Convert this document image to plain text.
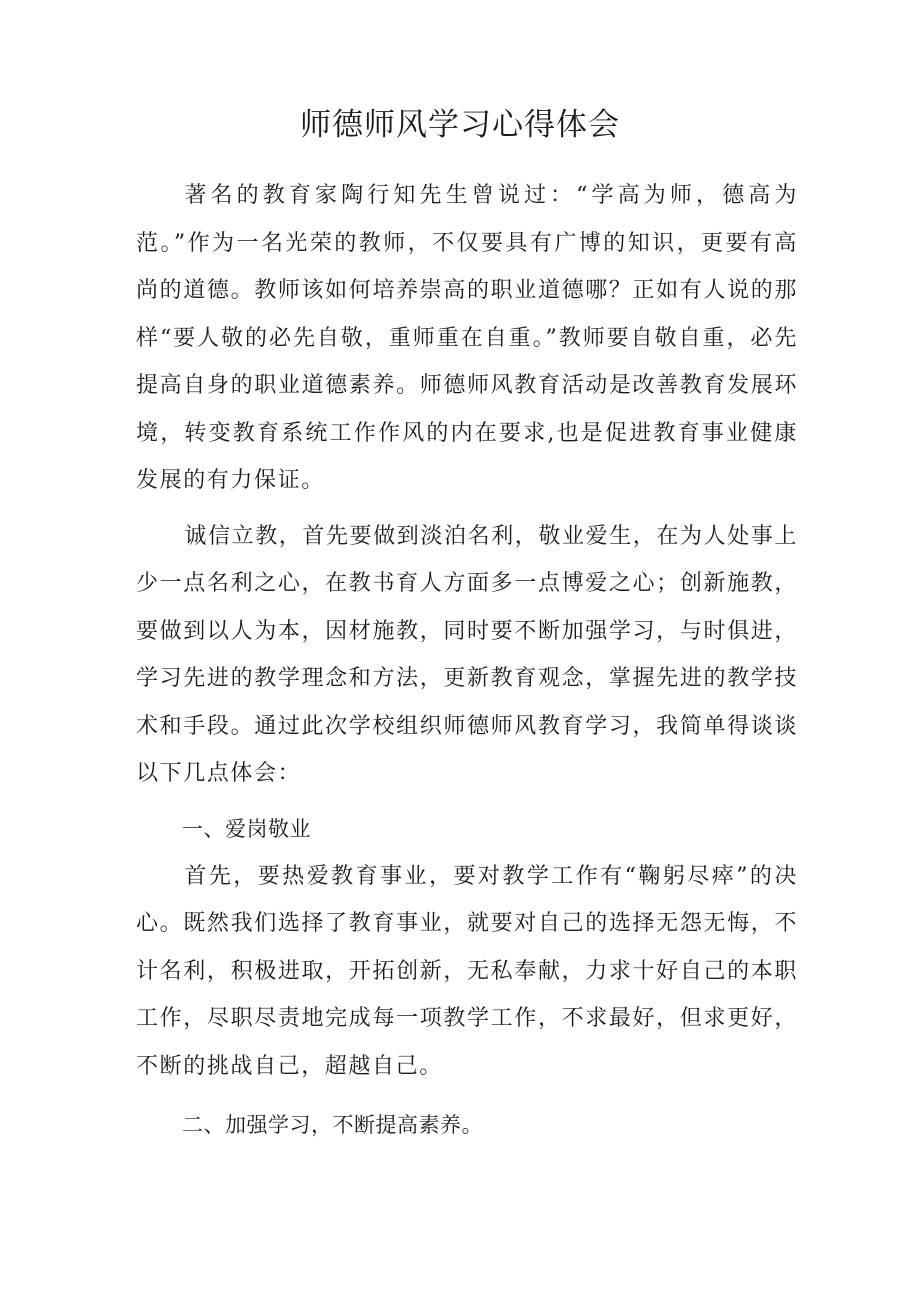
师德师风学习心得体会

著名的教育家陶行知先生曾说过：“学高为师，德高为范。”作为一名光荣的教师，不仅要具有广博的知识，更要有高尚的道德。教师该如何培养崇高的职业道德哪？正如有人说的那样“要人敬的必先自敬，重师重在自重。”教师要自敬自重，必先提高自身的职业道德素养。师德师风教育活动是改善教育发展环境，转变教育系统工作作风的内在要求,也是促进教育事业健康发展的有力保证。

诚信立教，首先要做到淡泊名利，敬业爱生，在为人处事上少一点名利之心，在教书育人方面多一点博爱之心；创新施教，要做到以人为本，因材施教，同时要不断加强学习，与时俱进，学习先进的教学理念和方法，更新教育观念，掌握先进的教学技术和手段。通过此次学校组织师德师风教育学习，我简单得谈谈以下几点体会：

一、爱岗敬业

首先，要热爱教育事业，要对教学工作有“鞠躬尽瘁”的决心。既然我们选择了教育事业，就要对自己的选择无怨无悔，不计名利，积极进取，开拓创新，无私奉献，力求十好自己的本职工作，尽职尽责地完成每一项教学工作，不求最好，但求更好，不断的挑战自己，超越自己。

二、加强学习，不断提高素养。
